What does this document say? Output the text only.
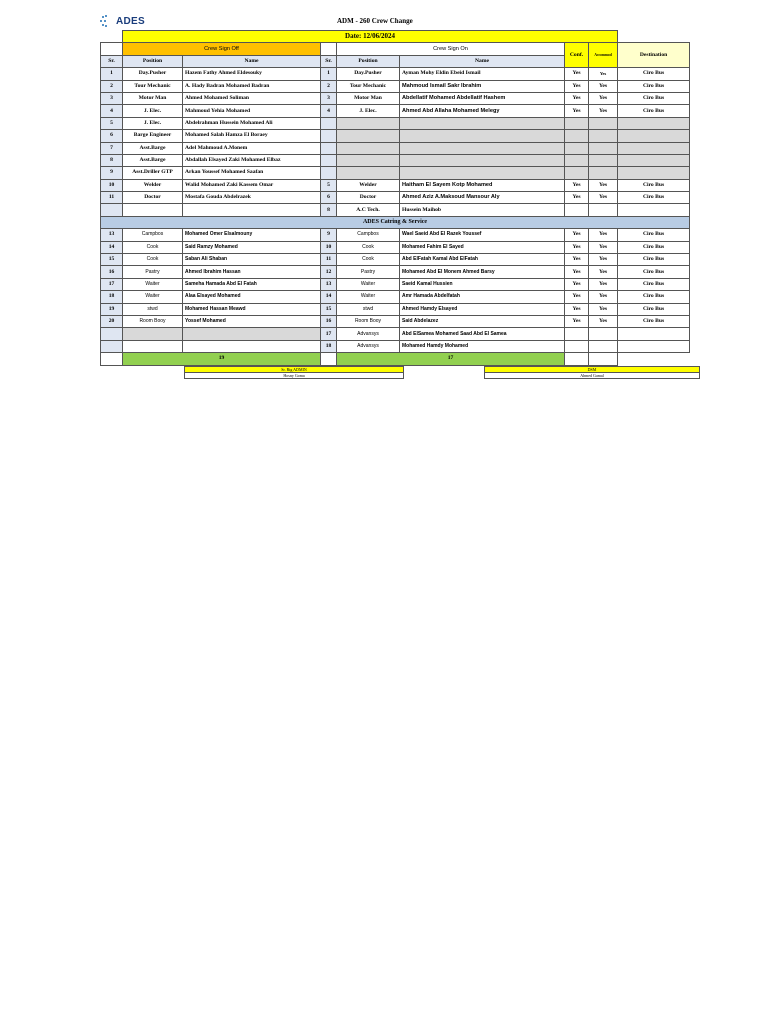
ADES	ADM - 260 Crew Change
	Date: 12/06/2024							
	Crew Sign Off			Crew Sign On		Conf.	Accommod	Destination
Sr.	Position	Name	Sr.	Position	Name			
1	Day.Pusher	Hazem Fathy Ahmed Eldesouky	1	Day.Pusher	Ayman Mohy Eldin Ebeid Ismail	Yes	Yes	Ciro Bus
2	Tour Mechanic	A. Hady Badran Mohamed Badran	2	Tour Mechanic	Mahmoud Ismail Sakr Ibrahim	Yes	Yes	Ciro Bus
3	Motor Man	Ahmed Mohamed Soliman	3	Motor Man	Abdellatif Mohamed Abdellatif Hashem	Yes	Yes	Ciro Bus
4	J. Elec.	Mahmoud Yehia Mohamed	4	J. Elec.	Ahmed Abd Allaha Mohamed Melegy	Yes	Yes	Ciro Bus
5	J. Elec.	Abdelrahman Hussein Mohamed Ali						
6	Barge Engineer	Mohamed Salah Hamza El Boraey						
7	Asst.Barge	Adel Mahmoud A.Monem						
8	Asst.Barge	Abdallah Elsayed Zaki Mohamed Elbaz						
9	Asst.Driller GTP	Arkan Youssef Mohamed Saafan						
10	Welder	Walid Mohamed Zaki Kassem Omar	5	Welder	Haitham El Sayem Kotp Mohamed	Yes	Yes	Ciro Bus
11	Doctor	Mostafa Gouda Abdelrazek	6	Doctor	Ahmed Aziz A.Maksoud Mansour Aly	Yes	Yes	Ciro Bus
			8	A.C Tech.	Hussein Maihob			
ADES Catring & Service								
13	Campbos	Mohamed Omer Elsalmouny	9	Campbos	Wael Saeid Abd El Razek Youssef	Yes	Yes	Ciro Bus
14	Cook	Said Ramzy Mohamed	10	Cook	Mohamed Fahim El Sayed	Yes	Yes	Ciro Bus
15	Cook	Saban Ali Shaban	11	Cook	Abd ElFatah Kamal Abd ElFatah	Yes	Yes	Ciro Bus
16	Pastry	Ahmed Ibrahim Hassan	12	Pastry	Mohamed Abd El Monem Ahmed Barsy	Yes	Yes	Ciro Bus
17	Waiter	Sameha Hamada Abd El Fatah	13	Waiter	Saeid Kamal Hussien	Yes	Yes	Ciro Bus
18	Waiter	Alaa Elsayed Mohamed	14	Waiter	Amr Hamada Abdelfatah	Yes	Yes	Ciro Bus
19	stwd	Mohamed Hassan Meawd	15	stwd	Ahmed Hamdy Elsayed	Yes	Yes	Ciro Bus
20	Room Booy	Yossef Mohamed	16	Room Booy	Said Abdelazez	Yes	Yes	Ciro Bus
			17	Advansys	Abd ElSamea Mohamed Saad Abd El Samea			
			18	Advansys	Mohamed Hamdy Mohamed			
	19			17				
Sr. Rig ADMIN
Hosny Goma
DSM
Ahmed Gamal
